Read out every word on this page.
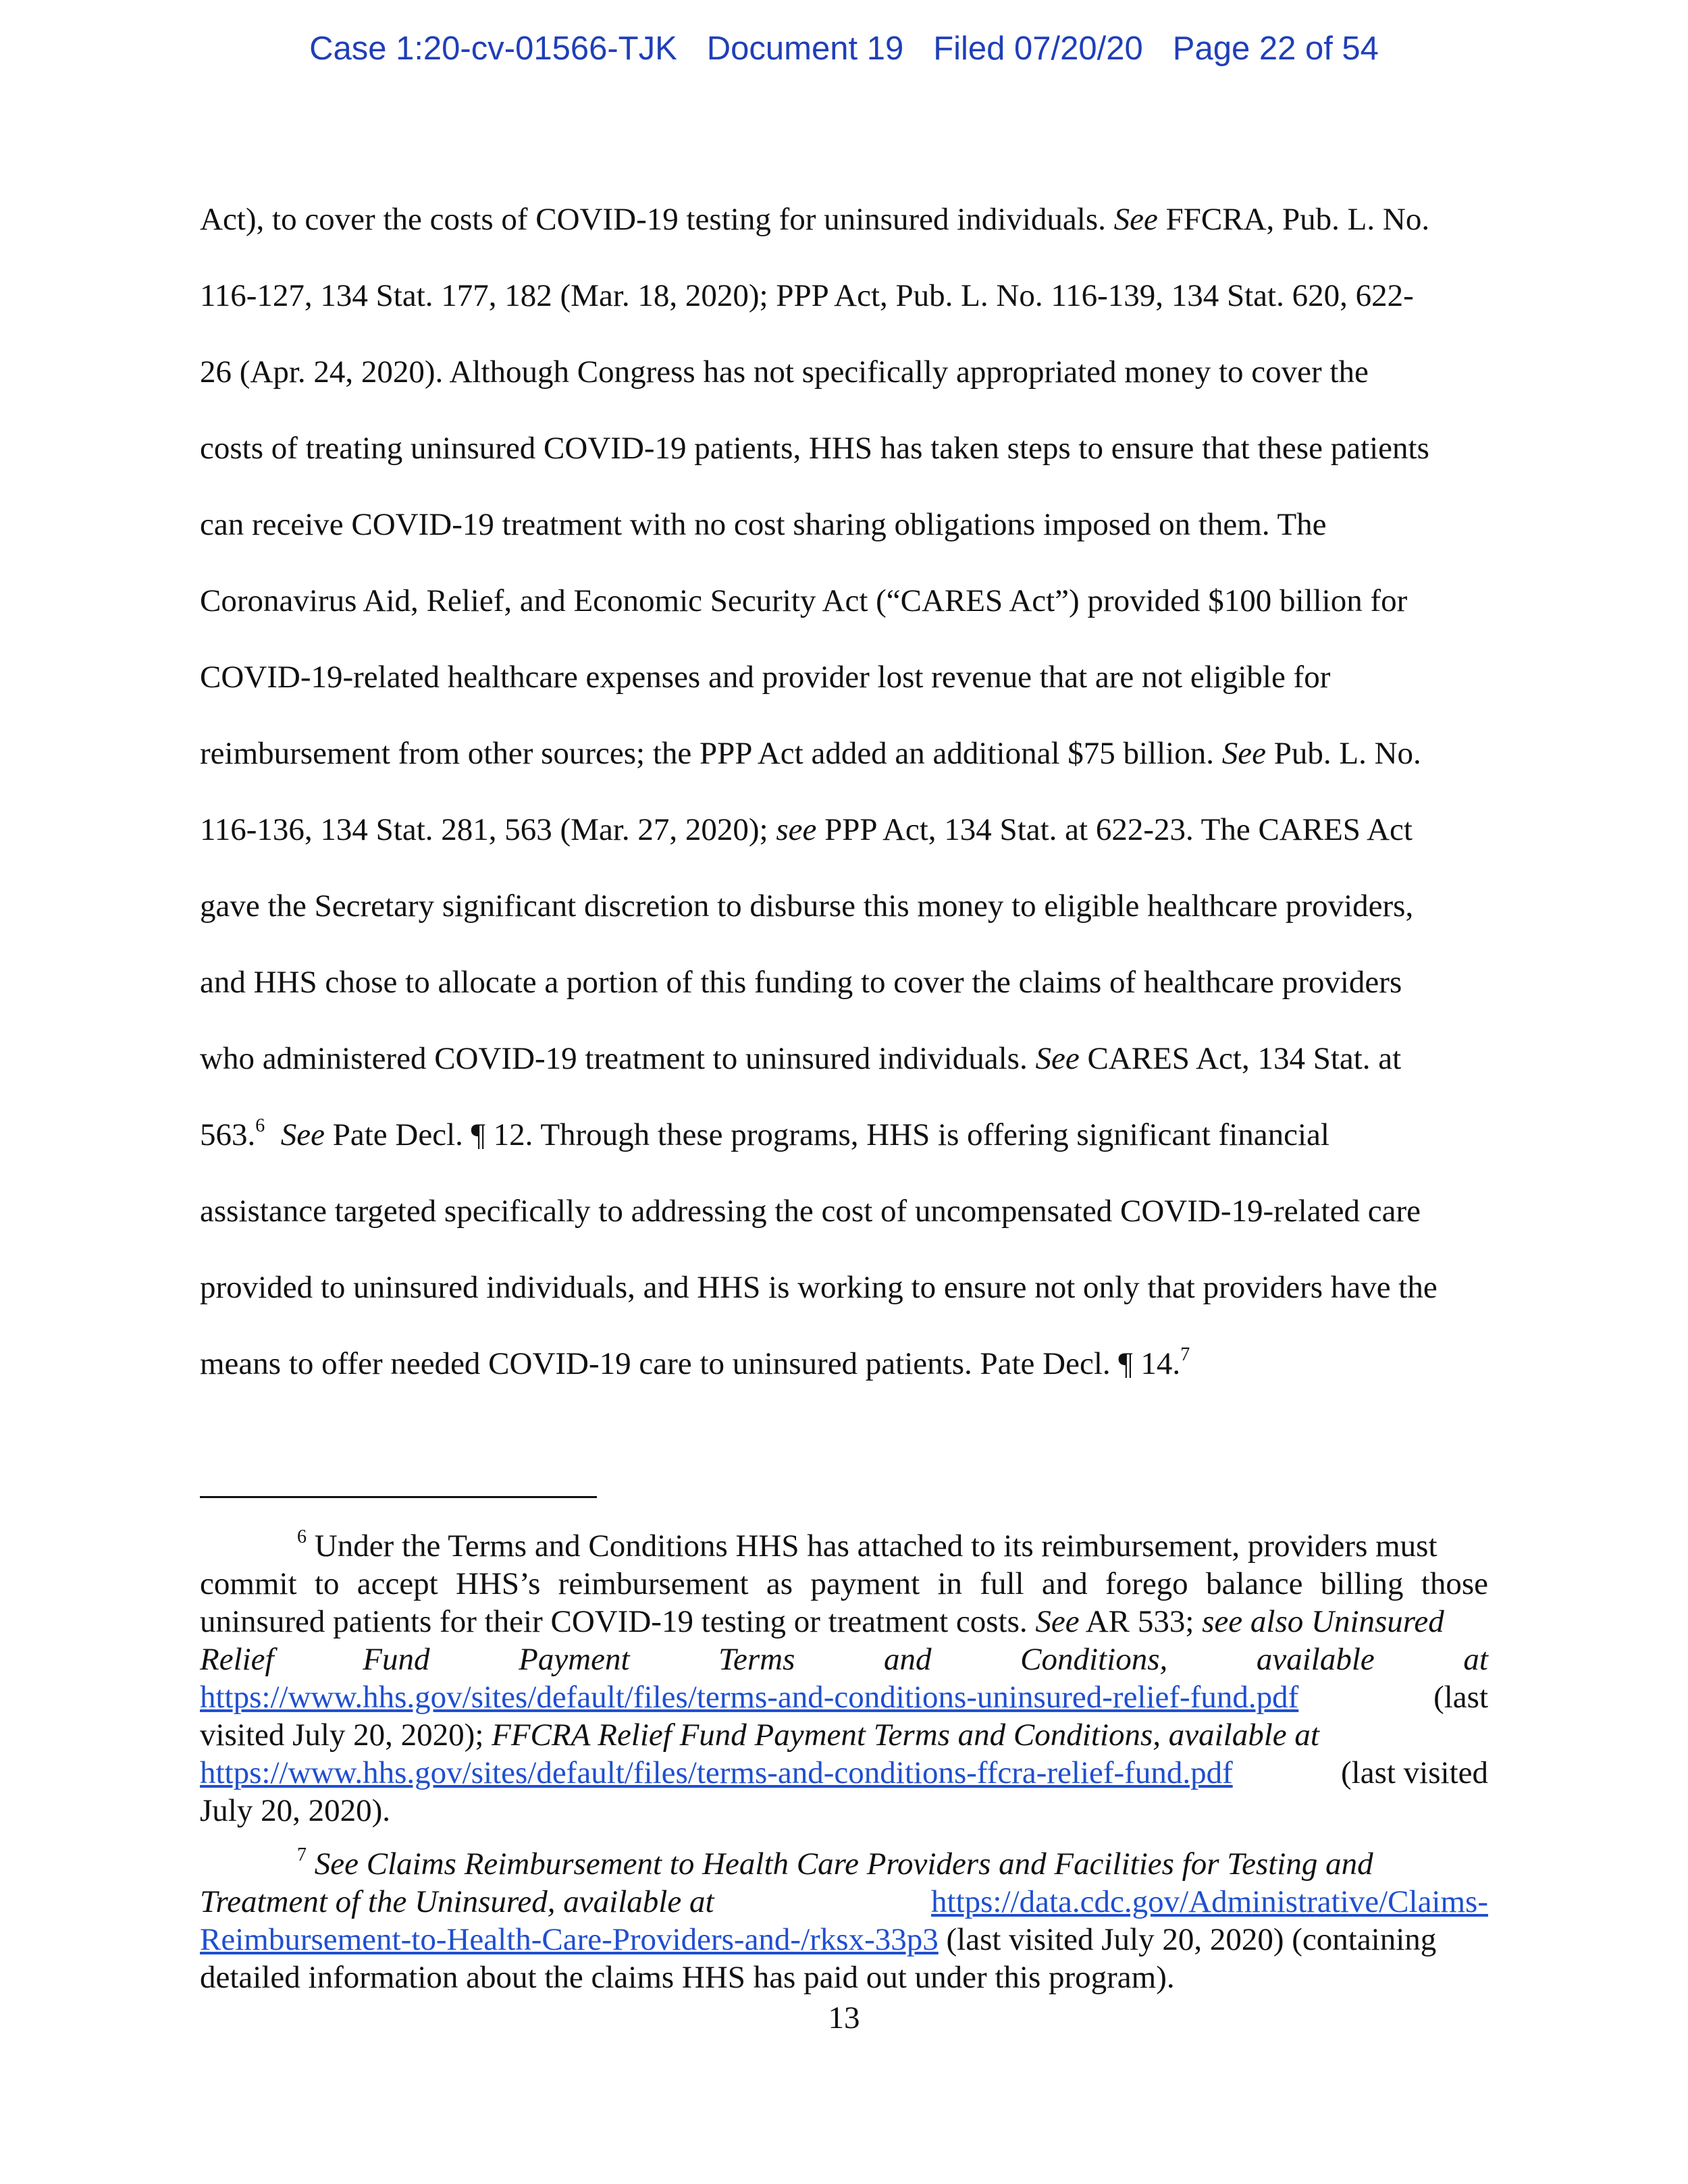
Case 1:20-cv-01566-TJK Document 19 Filed 07/20/20 Page 22 of 54
Act), to cover the costs of COVID-19 testing for uninsured individuals. See FFCRA, Pub. L. No.
116-127, 134 Stat. 177, 182 (Mar. 18, 2020); PPP Act, Pub. L. No. 116-139, 134 Stat. 620, 622-
26 (Apr. 24, 2020). Although Congress has not specifically appropriated money to cover the
costs of treating uninsured COVID-19 patients, HHS has taken steps to ensure that these patients
can receive COVID-19 treatment with no cost sharing obligations imposed on them. The
Coronavirus Aid, Relief, and Economic Security Act (“CARES Act”) provided $100 billion for
COVID-19-related healthcare expenses and provider lost revenue that are not eligible for
reimbursement from other sources; the PPP Act added an additional $75 billion. See Pub. L. No.
116-136, 134 Stat. 281, 563 (Mar. 27, 2020); see PPP Act, 134 Stat. at 622-23. The CARES Act
gave the Secretary significant discretion to disburse this money to eligible healthcare providers,
and HHS chose to allocate a portion of this funding to cover the claims of healthcare providers
who administered COVID-19 treatment to uninsured individuals. See CARES Act, 134 Stat. at
563.$^6$ See Pate Decl. ¶ 12. Through these programs, HHS is offering significant financial
assistance targeted specifically to addressing the cost of uncompensated COVID-19-related care
provided to uninsured individuals, and HHS is working to ensure not only that providers have the
means to offer needed COVID-19 care to uninsured patients. Pate Decl. ¶ 14.$^7$
$^6$ Under the Terms and Conditions HHS has attached to its reimbursement, providers must
commit to accept HHS’s reimbursement as payment in full and forego balance billing those
uninsured patients for their COVID-19 testing or treatment costs. See AR 533; see also Uninsured
Relief Fund Payment Terms and Conditions, available at
https://www.hhs.gov/sites/default/files/terms-and-conditions-uninsured-relief-fund.pdf	(last
visited July 20, 2020); FFCRA Relief Fund Payment Terms and Conditions, available at
https://www.hhs.gov/sites/default/files/terms-and-conditions-ffcra-relief-fund.pdf	(last visited
July 20, 2020).
$^7$ See Claims Reimbursement to Health Care Providers and Facilities for Testing and
Treatment of the Uninsured, available at	https://data.cdc.gov/Administrative/Claims-
Reimbursement-to-Health-Care-Providers-and-/rksx-33p3 (last visited July 20, 2020) (containing
detailed information about the claims HHS has paid out under this program).
13
